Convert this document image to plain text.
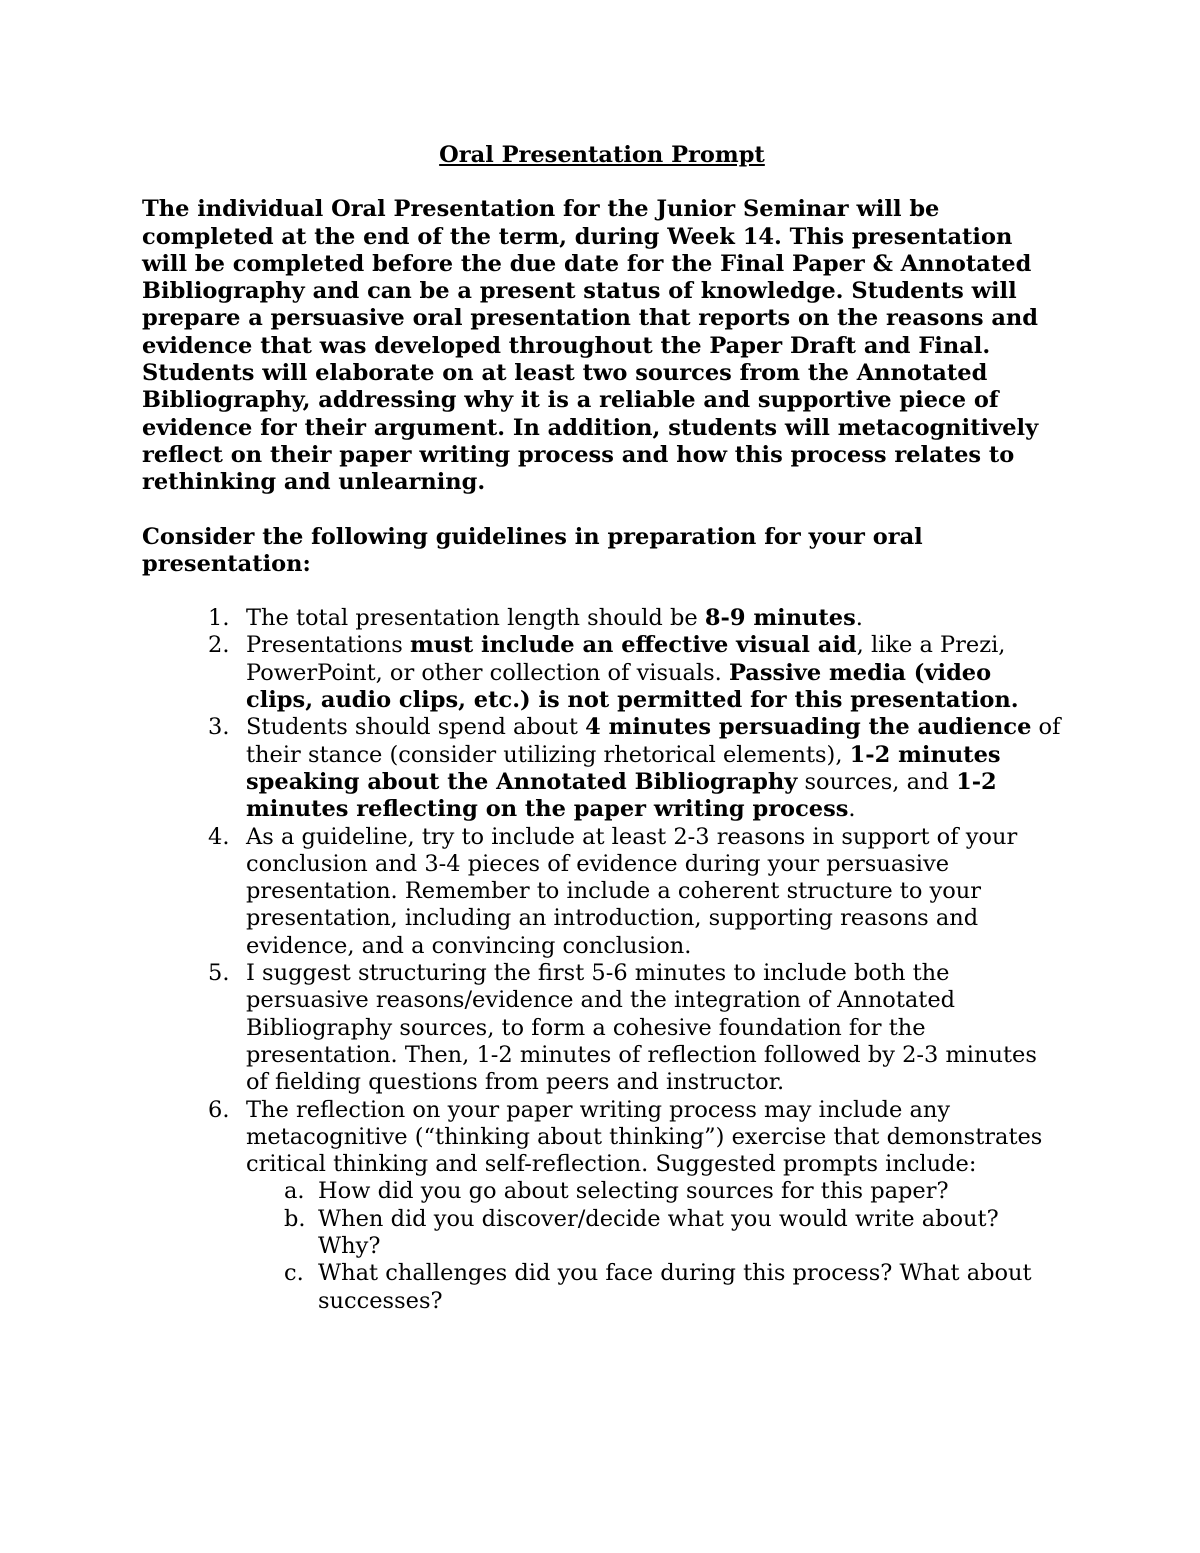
Oral Presentation Prompt

The individual Oral Presentation for the Junior Seminar will be completed at the end of the term, during Week 14. This presentation will be completed before the due date for the Final Paper & Annotated Bibliography and can be a present status of knowledge. Students will prepare a persuasive oral presentation that reports on the reasons and evidence that was developed throughout the Paper Draft and Final. Students will elaborate on at least two sources from the Annotated Bibliography, addressing why it is a reliable and supportive piece of evidence for their argument. In addition, students will metacognitively reflect on their paper writing process and how this process relates to rethinking and unlearning.

Consider the following guidelines in preparation for your oral presentation:

1. The total presentation length should be 8-9 minutes.
2. Presentations must include an effective visual aid, like a Prezi, PowerPoint, or other collection of visuals. Passive media (video clips, audio clips, etc.) is not permitted for this presentation.
3. Students should spend about 4 minutes persuading the audience of their stance (consider utilizing rhetorical elements), 1-2 minutes speaking about the Annotated Bibliography sources, and 1-2 minutes reflecting on the paper writing process.
4. As a guideline, try to include at least 2-3 reasons in support of your conclusion and 3-4 pieces of evidence during your persuasive presentation. Remember to include a coherent structure to your presentation, including an introduction, supporting reasons and evidence, and a convincing conclusion.
5. I suggest structuring the first 5-6 minutes to include both the persuasive reasons/evidence and the integration of Annotated Bibliography sources, to form a cohesive foundation for the presentation. Then, 1-2 minutes of reflection followed by 2-3 minutes of fielding questions from peers and instructor.
6. The reflection on your paper writing process may include any metacognitive (“thinking about thinking”) exercise that demonstrates critical thinking and self-reflection. Suggested prompts include:
a. How did you go about selecting sources for this paper?
b. When did you discover/decide what you would write about? Why?
c. What challenges did you face during this process? What about successes?
